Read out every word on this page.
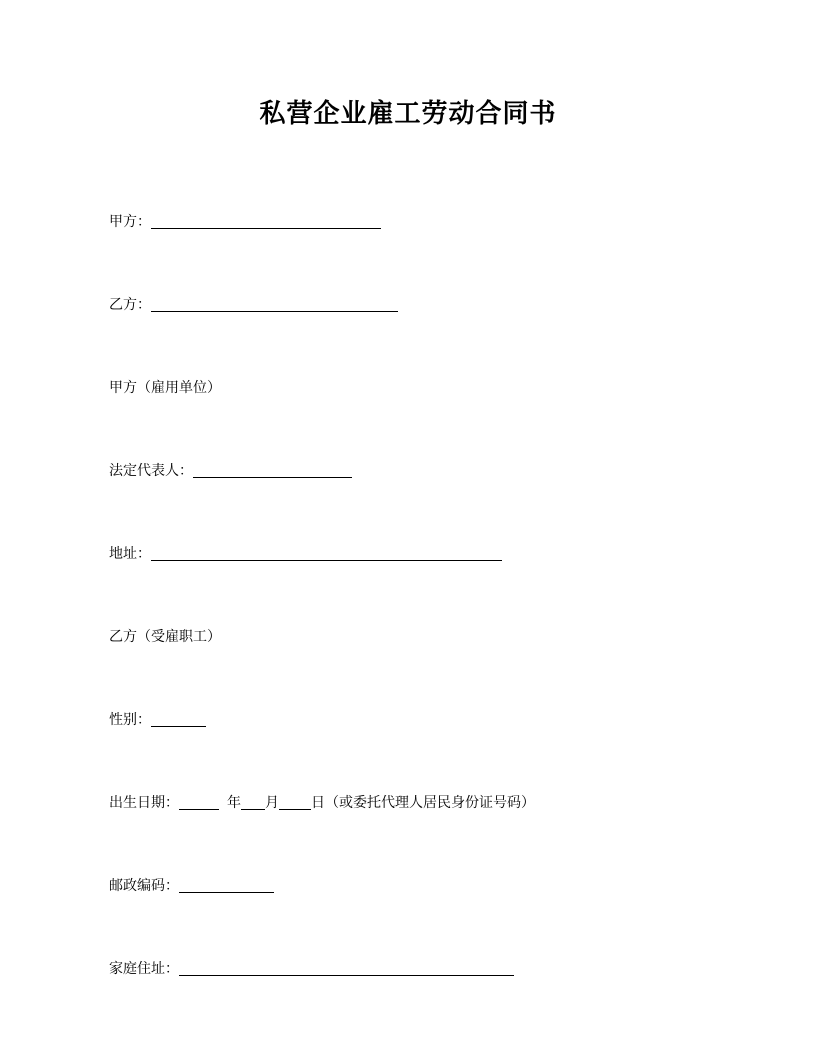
私营企业雇工劳动合同书
甲方：
乙方：
甲方（雇用单位）
法定代表人：
地址：
乙方（受雇职工）
性别：
出生日期：	年 月 日（或委托代理人居民身份证号码）
邮政编码：
家庭住址：
